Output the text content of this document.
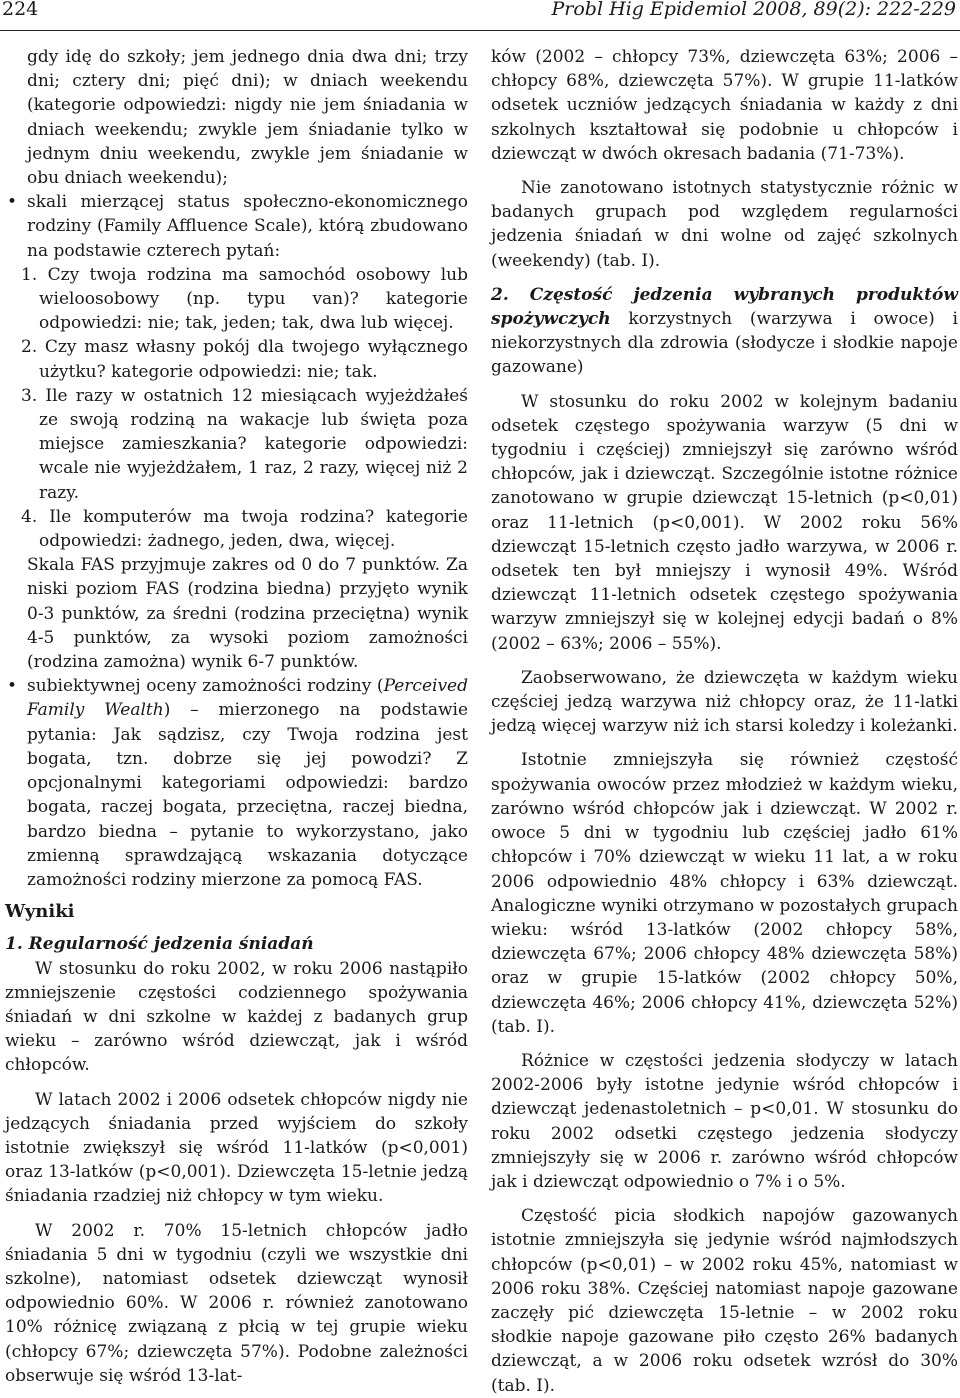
224	Probl Hig Epidemiol 2008, 89(2): 222-229

gdy idę do szkoły; jem jednego dnia dwa dni; trzy dni; cztery dni; pięć dni); w dniach weekendu (kategorie odpowiedzi: nigdy nie jem śniadania w dniach weekendu; zwykle jem śniadanie tylko w jednym dniu weekendu, zwykle jem śniadanie w obu dniach weekendu);

• skali mierzącej status społeczno-ekonomicznego rodziny (Family Affluence Scale), którą zbudowano na podstawie czterech pytań:

1. Czy twoja rodzina ma samochód osobowy lub wieloosobowy (np. typu van)? kategorie odpowiedzi: nie; tak, jeden; tak, dwa lub więcej.

2. Czy masz własny pokój dla twojego wyłącznego użytku? kategorie odpowiedzi: nie; tak.

3. Ile razy w ostatnich 12 miesiącach wyjeżdżałeś ze swoją rodziną na wakacje lub święta poza miejsce zamieszkania? kategorie odpowiedzi: wcale nie wyjeżdżałem, 1 raz, 2 razy, więcej niż 2 razy.

4. Ile komputerów ma twoja rodzina? kategorie odpowiedzi: żadnego, jeden, dwa, więcej.

Skala FAS przyjmuje zakres od 0 do 7 punktów. Za niski poziom FAS (rodzina biedna) przyjęto wynik 0-3 punktów, za średni (rodzina przeciętna) wynik 4-5 punktów, za wysoki poziom zamożności (rodzina zamożna) wynik 6-7 punktów.

• subiektywnej oceny zamożności rodziny (Perceived Family Wealth) – mierzonego na podstawie pytania: Jak sądzisz, czy Twoja rodzina jest bogata, tzn. dobrze się jej powodzi? Z opcjonalnymi kategoriami odpowiedzi: bardzo bogata, raczej bogata, przeciętna, raczej biedna, bardzo biedna – pytanie to wykorzystano, jako zmienną sprawdzającą wskazania dotyczące zamożności rodziny mierzone za pomocą FAS.

Wyniki

1. Regularność jedzenia śniadań

W stosunku do roku 2002, w roku 2006 nastąpiło zmniejszenie częstości codziennego spożywania śniadań w dni szkolne w każdej z badanych grup wieku – zarówno wśród dziewcząt, jak i wśród chłopców.

W latach 2002 i 2006 odsetek chłopców nigdy nie jedzących śniadania przed wyjściem do szkoły istotnie zwiększył się wśród 11-latków (p<0,001) oraz 13-latków (p<0,001). Dziewczęta 15-letnie jedzą śniadania rzadziej niż chłopcy w tym wieku.

W 2002 r. 70% 15-letnich chłopców jadło śniadania 5 dni w tygodniu (czyli we wszystkie dni szkolne), natomiast odsetek dziewcząt wynosił odpowiednio 60%. W 2006 r. również zanotowano 10% różnicę związaną z płcią w tej grupie wieku (chłopcy 67%; dziewczęta 57%). Podobne zależności obserwuje się wśród 13-lat-

ków (2002 – chłopcy 73%, dziewczęta 63%; 2006 – chłopcy 68%, dziewczęta 57%). W grupie 11-latków odsetek uczniów jedzących śniadania w każdy z dni szkolnych kształtował się podobnie u chłopców i dziewcząt w dwóch okresach badania (71-73%).

Nie zanotowano istotnych statystycznie różnic w badanych grupach pod względem regularności jedzenia śniadań w dni wolne od zajęć szkolnych (weekendy) (tab. I).

2. Częstość jedzenia wybranych produktów spożywczych korzystnych (warzywa i owoce) i niekorzystnych dla zdrowia (słodycze i słodkie napoje gazowane)

W stosunku do roku 2002 w kolejnym badaniu odsetek częstego spożywania warzyw (5 dni w tygodniu i częściej) zmniejszył się zarówno wśród chłopców, jak i dziewcząt. Szczególnie istotne różnice zanotowano w grupie dziewcząt 15-letnich (p<0,01) oraz 11-letnich (p<0,001). W 2002 roku 56% dziewcząt 15-letnich często jadło warzywa, w 2006 r. odsetek ten był mniejszy i wynosił 49%. Wśród dziewcząt 11-letnich odsetek częstego spożywania warzyw zmniejszył się w kolejnej edycji badań o 8% (2002 – 63%; 2006 – 55%).

Zaobserwowano, że dziewczęta w każdym wieku częściej jedzą warzywa niż chłopcy oraz, że 11-latki jedzą więcej warzyw niż ich starsi koledzy i koleżanki.

Istotnie zmniejszyła się również częstość spożywania owoców przez młodzież w każdym wieku, zarówno wśród chłopców jak i dziewcząt. W 2002 r. owoce 5 dni w tygodniu lub częściej jadło 61% chłopców i 70% dziewcząt w wieku 11 lat, a w roku 2006 odpowiednio 48% chłopcy i 63% dziewcząt. Analogiczne wyniki otrzymano w pozostałych grupach wieku: wśród 13-latków (2002 chłopcy 58%, dziewczęta 67%; 2006 chłopcy 48% dziewczęta 58%) oraz w grupie 15-latków (2002 chłopcy 50%, dziewczęta 46%; 2006 chłopcy 41%, dziewczęta 52%) (tab. I).

Różnice w częstości jedzenia słodyczy w latach 2002-2006 były istotne jedynie wśród chłopców i dziewcząt jedenastoletnich – p<0,01. W stosunku do roku 2002 odsetki częstego jedzenia słodyczy zmniejszyły się w 2006 r. zarówno wśród chłopców jak i dziewcząt odpowiednio o 7% i o 5%.

Częstość picia słodkich napojów gazowanych istotnie zmniejszyła się jedynie wśród najmłodszych chłopców (p<0,01) – w 2002 roku 45%, natomiast w 2006 roku 38%. Częściej natomiast napoje gazowane zaczęły pić dziewczęta 15-letnie – w 2002 roku słodkie napoje gazowane piło często 26% badanych dziewcząt, a w 2006 roku odsetek wzrósł do 30% (tab. I).
